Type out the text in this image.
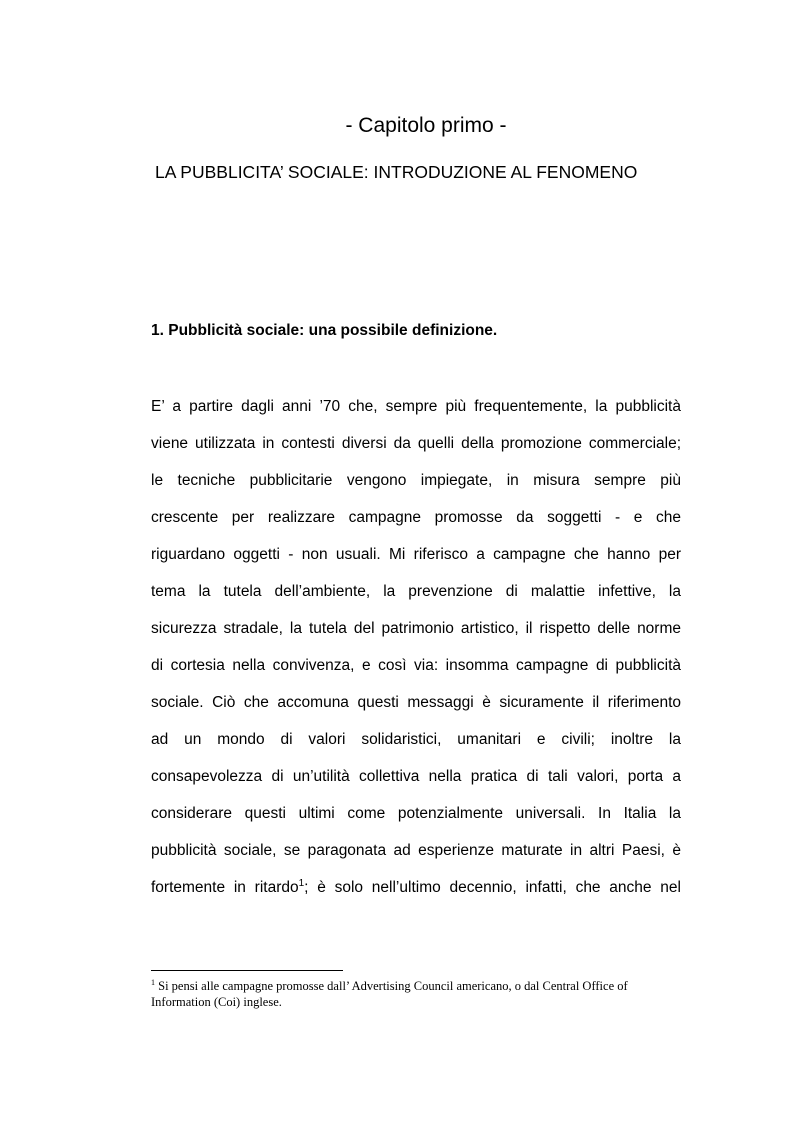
- Capitolo primo -
LA PUBBLICITA’ SOCIALE: INTRODUZIONE AL FENOMENO
1. Pubblicità sociale: una possibile definizione.
E’ a partire dagli anni ’70 che, sempre più frequentemente, la pubblicità
viene utilizzata in contesti diversi da quelli della promozione commerciale;
le tecniche pubblicitarie vengono impiegate, in misura sempre più
crescente per realizzare campagne promosse da soggetti - e che
riguardano oggetti - non usuali. Mi riferisco a campagne che hanno per
tema la tutela dell’ambiente, la prevenzione di malattie infettive, la
sicurezza stradale, la tutela del patrimonio artistico, il rispetto delle norme
di cortesia nella convivenza, e così via: insomma campagne di pubblicità
sociale. Ciò che accomuna questi messaggi è sicuramente il riferimento
ad un mondo di valori solidaristici, umanitari e civili; inoltre la
consapevolezza di un’utilità collettiva nella pratica di tali valori, porta a
considerare questi ultimi come potenzialmente universali. In Italia la
pubblicità sociale, se paragonata ad esperienze maturate in altri Paesi, è
fortemente in ritardo$^1$; è solo nell’ultimo decennio, infatti, che anche nel
$^1$ Si pensi alle campagne promosse dall’ Advertising Council americano, o dal Central Office of
Information (Coi) inglese.
